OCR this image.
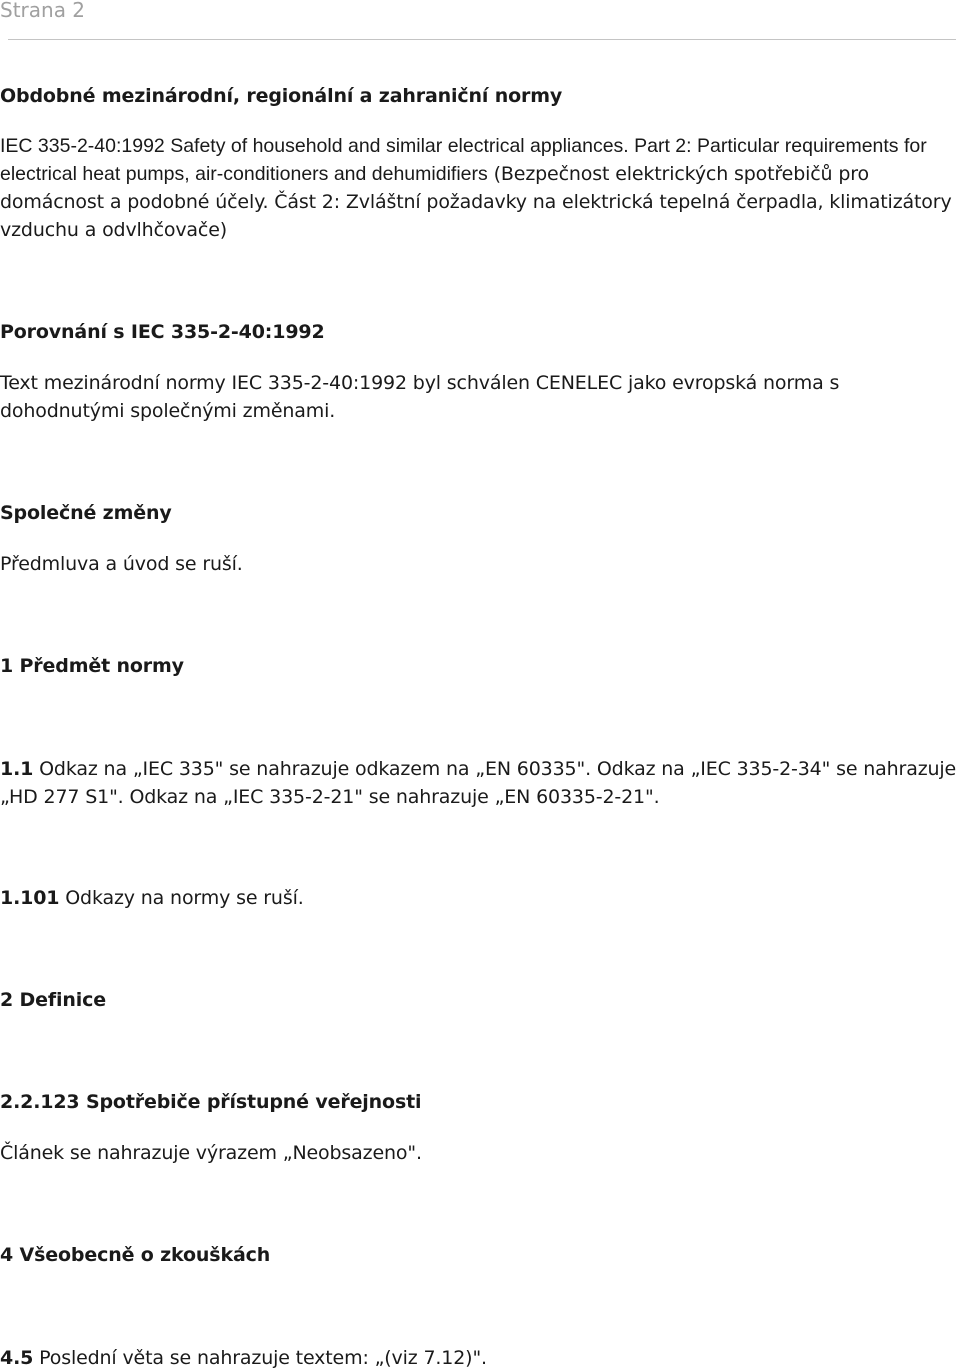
Strana 2

Obdobné mezinárodní, regionální a zahraniční normy

IEC 335-2-40:1992 Safety of household and similar electrical appliances. Part 2: Particular requirements for electrical heat pumps, air-conditioners and dehumidifiers (Bezpečnost elektrických spotřebičů pro domácnost a podobné účely. Část 2: Zvláštní požadavky na elektrická tepelná čerpadla, klimatizátory vzduchu a odvlhčovače)

Porovnání s IEC 335-2-40:1992

Text mezinárodní normy IEC 335-2-40:1992 byl schválen CENELEC jako evropská norma s dohodnutými společnými změnami.

Společné změny

Předmluva a úvod se ruší.

1 Předmět normy

1.1 Odkaz na „IEC 335" se nahrazuje odkazem na „EN 60335". Odkaz na „IEC 335-2-34" se nahrazuje „HD 277 S1". Odkaz na „IEC 335-2-21" se nahrazuje „EN 60335-2-21".

1.101 Odkazy na normy se ruší.

2 Definice

2.2.123 Spotřebiče přístupné veřejnosti

Článek se nahrazuje výrazem „Neobsazeno".

4 Všeobecně o zkouškách

4.5 Poslední věta se nahrazuje textem: „(viz 7.12)".
